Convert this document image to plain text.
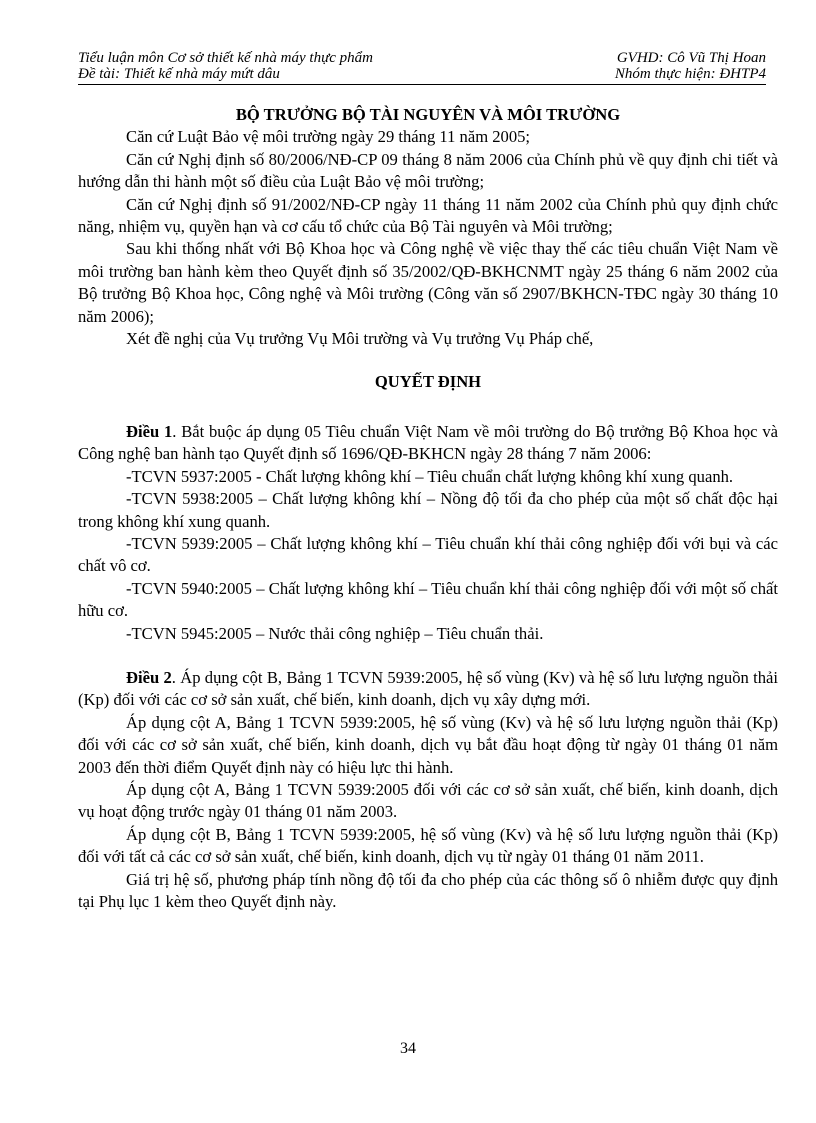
Tiểu luận môn Cơ sở thiết kế nhà máy thực phẩm	GVHD: Cô Vũ Thị Hoan
Đề tài: Thiết kế nhà máy mứt dâu	Nhóm thực hiện: ĐHTP4
BỘ TRƯỞNG BỘ TÀI NGUYÊN VÀ MÔI TRƯỜNG

Căn cứ Luật Bảo vệ môi trường ngày 29 tháng 11 năm 2005;

Căn cứ Nghị định số 80/2006/NĐ-CP 09 tháng 8 năm 2006 của Chính phủ về quy định chi tiết và hướng dẫn thi hành một số điều của Luật Bảo vệ môi trường;

Căn cứ Nghị định số 91/2002/NĐ-CP ngày 11 tháng 11 năm 2002 của Chính phủ quy định chức năng, nhiệm vụ, quyền hạn và cơ cấu tổ chức của Bộ Tài nguyên và Môi trường;

Sau khi thống nhất với Bộ Khoa học và Công nghệ về việc thay thế các tiêu chuẩn Việt Nam về môi trường ban hành kèm theo Quyết định số 35/2002/QĐ-BKHCNMT ngày 25 tháng 6 năm 2002 của Bộ trưởng Bộ Khoa học, Công nghệ và Môi trường (Công văn số 2907/BKHCN-TĐC ngày 30 tháng 10 năm 2006);

Xét đề nghị của Vụ trưởng Vụ Môi trường và Vụ trưởng Vụ Pháp chế,

QUYẾT ĐỊNH

Điều 1. Bắt buộc áp dụng 05 Tiêu chuẩn Việt Nam về môi trường do Bộ trưởng Bộ Khoa học và Công nghệ ban hành tạo Quyết định số 1696/QĐ-BKHCN ngày 28 tháng 7 năm 2006:

-TCVN 5937:2005 - Chất lượng không khí – Tiêu chuẩn chất lượng không khí xung quanh.

-TCVN 5938:2005 – Chất lượng không khí – Nồng độ tối đa cho phép của một số chất độc hại trong không khí xung quanh.

-TCVN 5939:2005 – Chất lượng không khí – Tiêu chuẩn khí thải công nghiệp đối với bụi và các chất vô cơ.

-TCVN 5940:2005 – Chất lượng không khí – Tiêu chuẩn khí thải công nghiệp đối với một số chất hữu cơ.

-TCVN 5945:2005 – Nước thải công nghiệp – Tiêu chuẩn thải.

Điều 2. Áp dụng cột B, Bảng 1 TCVN 5939:2005, hệ số vùng (Kv) và hệ số lưu lượng nguồn thải (Kp) đối với các cơ sở sản xuất, chế biến, kinh doanh, dịch vụ xây dựng mới.

Áp dụng cột A, Bảng 1 TCVN 5939:2005, hệ số vùng (Kv) và hệ số lưu lượng nguồn thải (Kp) đối với các cơ sở sản xuất, chế biến, kinh doanh, dịch vụ bắt đầu hoạt động từ ngày 01 tháng 01 năm 2003 đến thời điểm Quyết định này có hiệu lực thi hành.

Áp dụng cột A, Bảng 1 TCVN 5939:2005 đối với các cơ sở sản xuất, chế biến, kinh doanh, dịch vụ hoạt động trước ngày 01 tháng 01 năm 2003.

Áp dụng cột B, Bảng 1 TCVN 5939:2005, hệ số vùng (Kv) và hệ số lưu lượng nguồn thải (Kp) đối với tất cả các cơ sở sản xuất, chế biến, kinh doanh, dịch vụ từ ngày 01 tháng 01 năm 2011.

Giá trị hệ số, phương pháp tính nồng độ tối đa cho phép của các thông số ô nhiễm được quy định tại Phụ lục 1 kèm theo Quyết định này.

34
